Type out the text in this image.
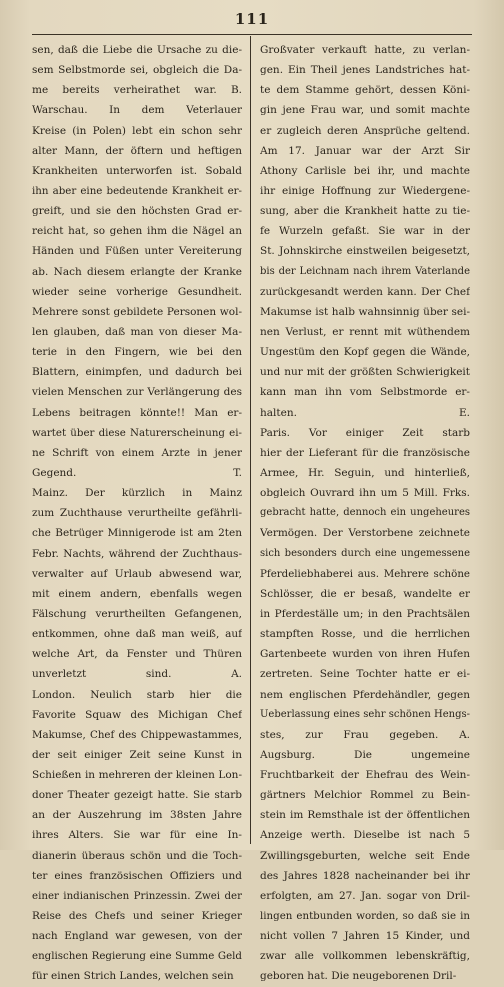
111
sen, daß die Liebe die Ursache zu die-
sem Selbstmorde sei, obgleich die Da-
me bereits verheirathet war. B.
Warschau. In dem Veterlauer
Kreise (in Polen) lebt ein schon sehr
alter Mann, der öftern und heftigen
Krankheiten unterworfen ist. Sobald
ihn aber eine bedeutende Krankheit er-
greift, und sie den höchsten Grad er-
reicht hat, so gehen ihm die Nägel an
Händen und Füßen unter Vereiterung
ab. Nach diesem erlangte der Kranke
wieder seine vorherige Gesundheit.
Mehrere sonst gebildete Personen wol-
len glauben, daß man von dieser Ma-
terie in den Fingern, wie bei den
Blattern, einimpfen, und dadurch bei
vielen Menschen zur Verlängerung des
Lebens beitragen könnte!! Man er-
wartet über diese Naturerscheinung ei-
ne Schrift von einem Arzte in jener
Gegend. T.
Mainz. Der kürzlich in Mainz
zum Zuchthause verurtheilte gefährli-
che Betrüger Minnigerode ist am 2ten
Febr. Nachts, während der Zuchthaus-
verwalter auf Urlaub abwesend war,
mit einem andern, ebenfalls wegen
Fälschung verurtheilten Gefangenen,
entkommen, ohne daß man weiß, auf
welche Art, da Fenster und Thüren
unverletzt sind. A.
London. Neulich starb hier die
Favorite Squaw des Michigan Chef
Makumse, Chef des Chippewastammes,
der seit einiger Zeit seine Kunst in
Schießen in mehreren der kleinen Lon-
doner Theater gezeigt hatte. Sie starb
an der Auszehrung im 38sten Jahre
ihres Alters. Sie war für eine In-
dianerin überaus schön und die Toch-
ter eines französischen Offiziers und
einer indianischen Prinzessin. Zwei der
Reise des Chefs und seiner Krieger
nach England war gewesen, von der
englischen Regierung eine Summe Geld
für einen Strich Landes, welchen sein
Großvater verkauft hatte, zu verlan-
gen. Ein Theil jenes Landstriches hat-
te dem Stamme gehört, dessen Köni-
gin jene Frau war, und somit machte
er zugleich deren Ansprüche geltend.
Am 17. Januar war der Arzt Sir
Athony Carlisle bei ihr, und machte
ihr einige Hoffnung zur Wiedergene-
sung, aber die Krankheit hatte zu tie-
fe Wurzeln gefaßt. Sie war in der
St. Johnskirche einstweilen beigesetzt,
bis der Leichnam nach ihrem Vaterlande
zurückgesandt werden kann. Der Chef
Makumse ist halb wahnsinnig über sei-
nen Verlust, er rennt mit wüthendem
Ungestüm den Kopf gegen die Wände,
und nur mit der größten Schwierigkeit
kann man ihn vom Selbstmorde er-
halten. E.
Paris. Vor einiger Zeit starb
hier der Lieferant für die französische
Armee, Hr. Seguin, und hinterließ,
obgleich Ouvrard ihn um 5 Mill. Frks.
gebracht hatte, dennoch ein ungeheures
Vermögen. Der Verstorbene zeichnete
sich besonders durch eine ungemessene
Pferdeliebhaberei aus. Mehrere schöne
Schlösser, die er besaß, wandelte er
in Pferdeställe um; in den Prachtsälen
stampften Rosse, und die herrlichen
Gartenbeete wurden von ihren Hufen
zertreten. Seine Tochter hatte er ei-
nem englischen Pferdehändler, gegen
Ueberlassung eines sehr schönen Hengs-
stes, zur Frau gegeben. A.
Augsburg. Die ungemeine
Fruchtbarkeit der Ehefrau des Wein-
gärtners Melchior Rommel zu Bein-
stein im Remsthale ist der öffentlichen
Anzeige werth. Dieselbe ist nach 5
Zwillingsgeburten, welche seit Ende
des Jahres 1828 nacheinander bei ihr
erfolgten, am 27. Jan. sogar von Dril-
lingen entbunden worden, so daß sie in
nicht vollen 7 Jahren 15 Kinder, und
zwar alle vollkommen lebenskräftig,
geboren hat. Die neugeborenen Dril-
